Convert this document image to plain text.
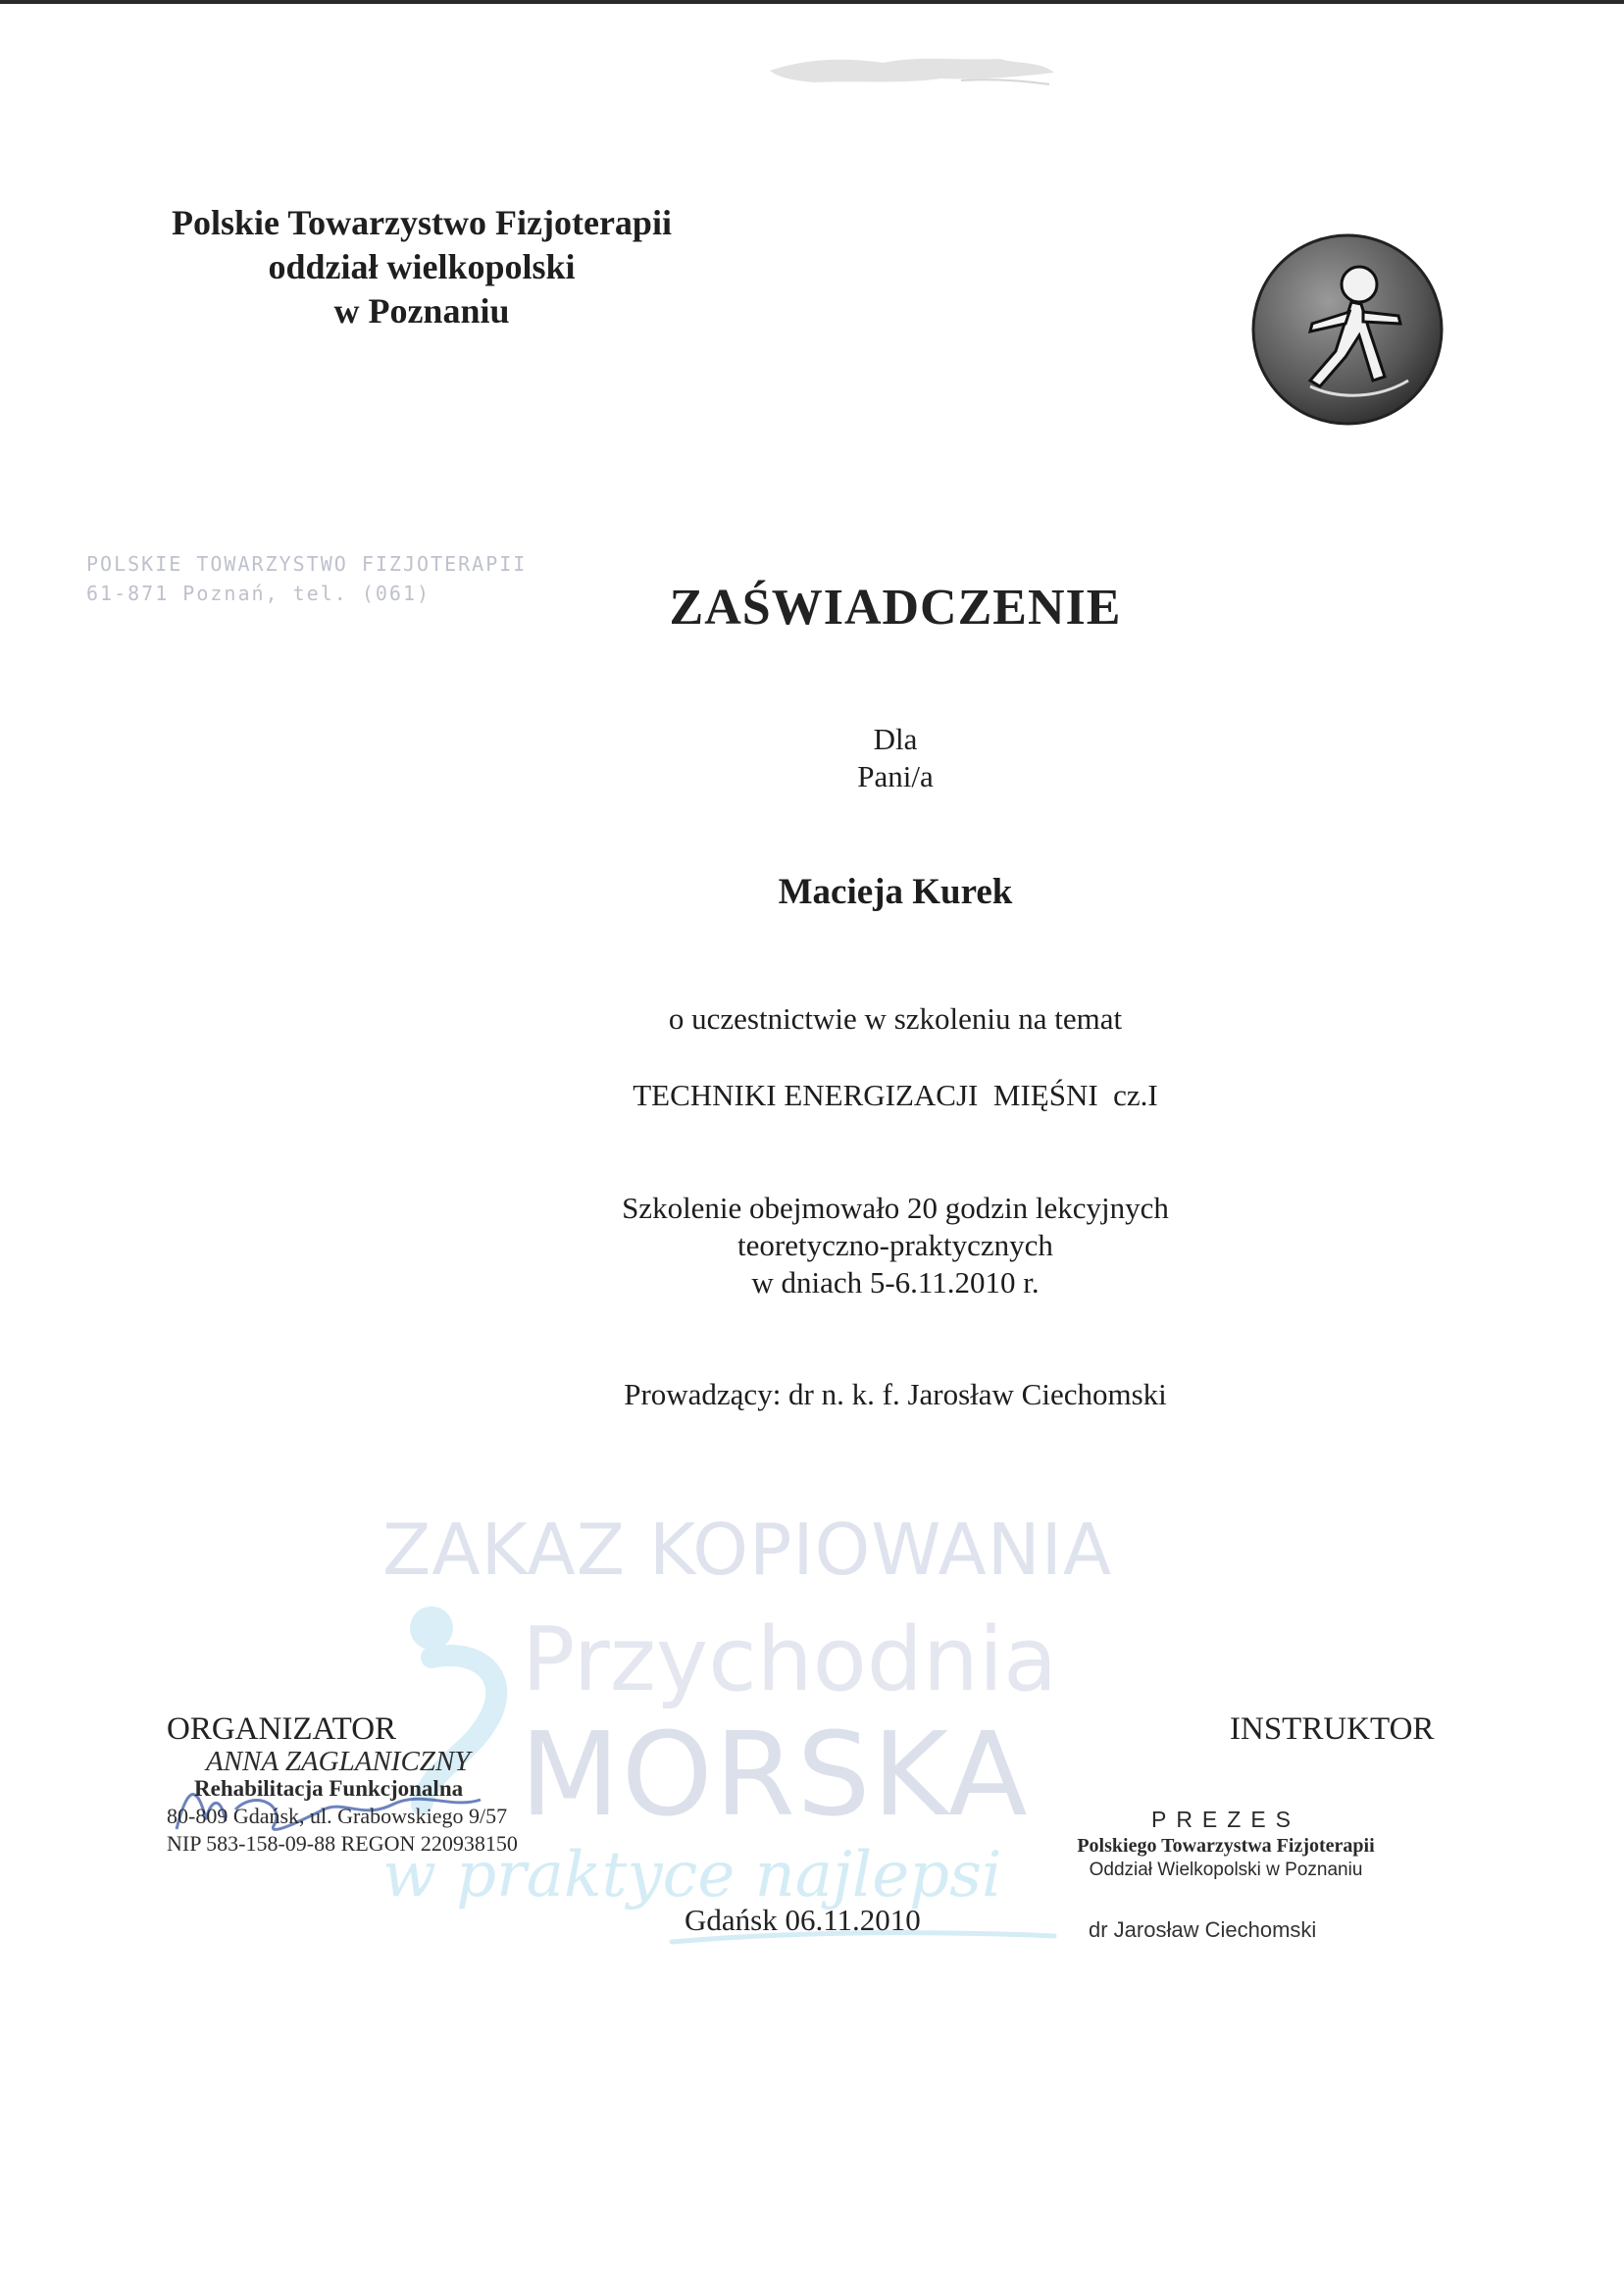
Polskie Towarzystwo Fizjoterapii
oddział wielkopolski
w Poznaniu
POLSKIE TOWARZYSTWO FIZJOTERAPII
61-871 Poznań, tel. (061)	ZAŚWIADCZENIE
Dla
Pani/a
Macieja Kurek
o uczestnictwie w szkoleniu na temat
TECHNIKI ENERGIZACJI  MIĘŚNI  cz.I
Szkolenie obejmowało 20 godzin lekcyjnych
teoretyczno-praktycznych
w dniach 5-6.11.2010 r.
Prowadzący: dr n. k. f. Jarosław Ciechomski
ZAKAZ KOPIOWANIA
Przychodnia
MORSKA
w praktyce najlepsi
ORGANIZATOR
ANNA ZAGLANICZNY
Rehabilitacja Funkcjonalna
80-809 Gdańsk, ul. Grabowskiego 9/57
NIP 583-158-09-88 REGON 220938150
INSTRUKTOR
PREZES
Polskiego Towarzystwa Fizjoterapii
Oddział Wielkopolski w Poznaniu
dr Jarosław Ciechomski
Gdańsk 06.11.2010
